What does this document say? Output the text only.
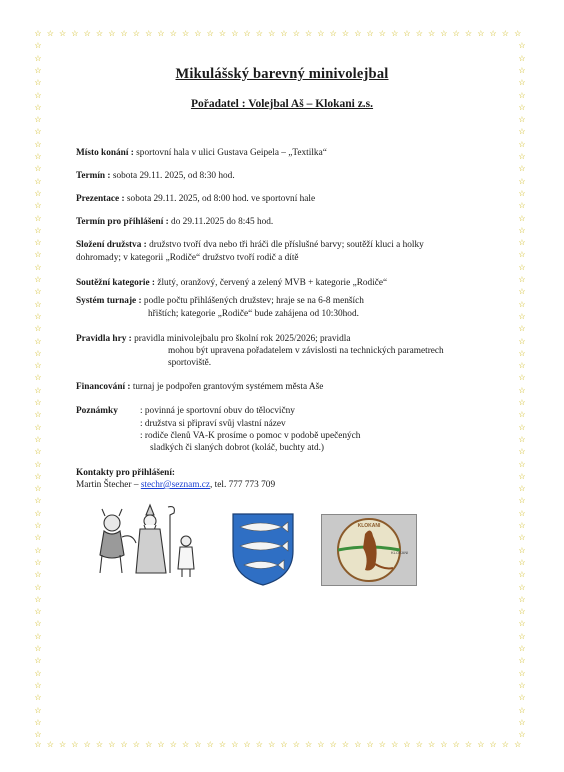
☆
☆
☆
☆
☆
☆
☆
☆
☆
☆
☆
☆
☆
☆
☆
☆
☆
☆
☆
☆
☆
☆
☆
☆
☆
☆
☆
☆
☆
☆
☆
☆
☆
☆
☆
☆
☆
☆
☆
☆
☆
☆
☆
☆
☆
☆
☆
☆
☆
☆
☆
☆
☆
☆
☆
☆
☆
☆
☆
☆
☆
☆
☆
☆
☆
☆
☆
☆
☆
☆
☆
☆
☆
☆
☆
☆
☆
☆
☆
☆
☆	☆
☆	☆
☆	☆
☆	☆
☆	☆
☆	☆
☆	☆
☆	☆
☆	☆
☆	☆
☆	☆
☆	☆
☆	☆
☆	☆
☆	☆
☆	☆
☆	☆
☆	☆
☆	☆
☆	☆
☆	☆
☆	☆
☆	☆
☆	☆
☆	☆
☆	☆
☆	☆
☆	☆
☆	☆
☆	☆
☆	☆
☆	☆
☆	☆
☆	☆
☆	☆
☆	☆
☆	☆
☆	☆
☆	☆
☆	☆
☆	☆
☆	☆
☆	☆
☆	☆
☆	☆
☆	☆
☆	☆
☆	☆
☆	☆
☆	☆
☆	☆
☆	☆
☆	☆
☆	☆
☆	☆
☆	☆
☆	☆
Mikulášský barevný minivolejbal
Pořadatel : Volejbal Aš – Klokani z.s.
Místo konání : sportovní hala v ulici Gustava Geipela – „Textilka“
Termín : sobota 29.11. 2025, od 8:30 hod.
Prezentace : sobota 29.11. 2025, od 8:00 hod. ve sportovní hale
Termín pro přihlášení : do 29.11.2025 do 8:45 hod.
Složení družstva : družstvo tvoří dva nebo tři hráči dle příslušné barvy; soutěží kluci a holky
dohromady; v kategorii „Rodiče“ družstvo tvoří rodič a dítě
Soutěžní kategorie : žlutý, oranžový, červený a zelený MVB + kategorie „Rodiče“
Systém turnaje : podle počtu přihlášených družstev; hraje se na 6-8 menších
hřištích; kategorie „Rodiče“ bude zahájena od 10:30hod.
Pravidla hry : pravidla minivolejbalu pro školní rok 2025/2026; pravidla
mohou být upravena pořadatelem v závislosti na technických parametrech
sportoviště.
Financování : turnaj je podpořen grantovým systémem města Aše
Poznámky	: povinná je sportovní obuv do tělocvičny
: družstva si připraví svůj vlastní název
: rodiče členů VA-K prosíme o pomoc v podobě upečených
sladkých či slaných dobrot (koláč, buchty atd.)
Kontakty pro přihlášení:
Martin Štecher – stechr@seznam.cz, tel. 777 773 709
KLOKANI
KLOKANI
